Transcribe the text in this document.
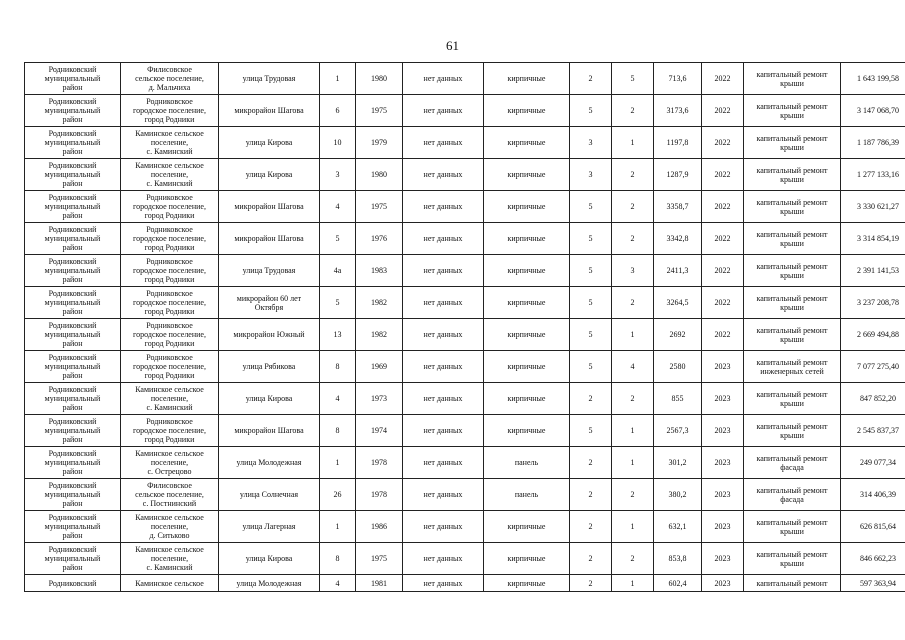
61
Родниковский
муниципальный
район	Филисовское
сельское поселение,
д. Мальчиха	улица Трудовая	1	1980	нет данных	кирпичные	2	5	713,6	2022	капитальный ремонт
крыши	1 643 199,58
Родниковский
муниципальный
район	Родниковское
городское поселение,
город Родники	микрорайон Шагова	6	1975	нет данных	кирпичные	5	2	3173,6	2022	капитальный ремонт
крыши	3 147 068,70
Родниковский
муниципальный
район	Каминское сельское
поселение,
с. Каминский	улица Кирова	10	1979	нет данных	кирпичные	3	1	1197,8	2022	капитальный ремонт
крыши	1 187 786,39
Родниковский
муниципальный
район	Каминское сельское
поселение,
с. Каминский	улица Кирова	3	1980	нет данных	кирпичные	3	2	1287,9	2022	капитальный ремонт
крыши	1 277 133,16
Родниковский
муниципальный
район	Родниковское
городское поселение,
город Родники	микрорайон Шагова	4	1975	нет данных	кирпичные	5	2	3358,7	2022	капитальный ремонт
крыши	3 330 621,27
Родниковский
муниципальный
район	Родниковское
городское поселение,
город Родники	микрорайон Шагова	5	1976	нет данных	кирпичные	5	2	3342,8	2022	капитальный ремонт
крыши	3 314 854,19
Родниковский
муниципальный
район	Родниковское
городское поселение,
город Родники	улица Трудовая	4а	1983	нет данных	кирпичные	5	3	2411,3	2022	капитальный ремонт
крыши	2 391 141,53
Родниковский
муниципальный
район	Родниковское
городское поселение,
город Родники	микрорайон 60 лет
Октября	5	1982	нет данных	кирпичные	5	2	3264,5	2022	капитальный ремонт
крыши	3 237 208,78
Родниковский
муниципальный
район	Родниковское
городское поселение,
город Родники	микрорайон Южный	13	1982	нет данных	кирпичные	5	1	2692	2022	капитальный ремонт
крыши	2 669 494,88
Родниковский
муниципальный
район	Родниковское
городское поселение,
город Родники	улица Рябикова	8	1969	нет данных	кирпичные	5	4	2580	2023	капитальный ремонт
инженерных сетей	7 077 275,40
Родниковский
муниципальный
район	Каминское сельское
поселение,
с. Каминский	улица Кирова	4	1973	нет данных	кирпичные	2	2	855	2023	капитальный ремонт
крыши	847 852,20
Родниковский
муниципальный
район	Родниковское
городское поселение,
город Родники	микрорайон Шагова	8	1974	нет данных	кирпичные	5	1	2567,3	2023	капитальный ремонт
крыши	2 545 837,37
Родниковский
муниципальный
район	Каминское сельское
поселение,
с. Острецово	улица Молодежная	1	1978	нет данных	панель	2	1	301,2	2023	капитальный ремонт
фасада	249 077,34
Родниковский
муниципальный
район	Филисовское
сельское поселение,
с. Постнинский	улица Солнечная	26	1978	нет данных	панель	2	2	380,2	2023	капитальный ремонт
фасада	314 406,39
Родниковский
муниципальный
район	Каминское сельское
поселение,
д. Ситьково	улица Лагерная	1	1986	нет данных	кирпичные	2	1	632,1	2023	капитальный ремонт
крыши	626 815,64
Родниковский
муниципальный
район	Каминское сельское
поселение,
с. Каминский	улица Кирова	8	1975	нет данных	кирпичные	2	2	853,8	2023	капитальный ремонт
крыши	846 662,23
Родниковский	Каминское сельское	улица Молодежная	4	1981	нет данных	кирпичные	2	1	602,4	2023	капитальный ремонт	597 363,94
